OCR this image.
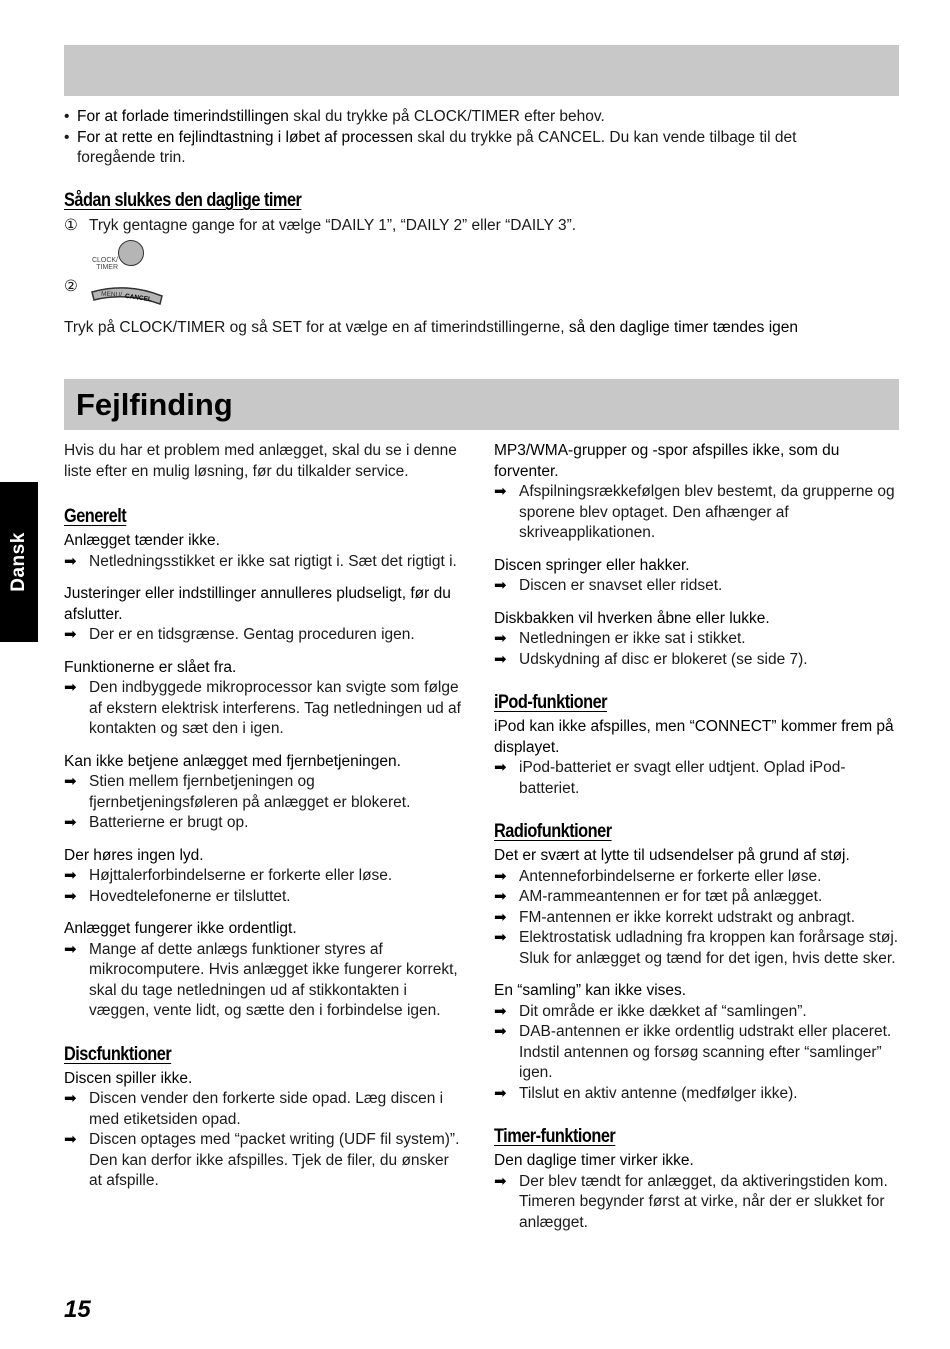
• For at forlade timerindstillingen skal du trykke på CLOCK/TIMER efter behov.
• For at rette en fejlindtastning i løbet af processen skal du trykke på CANCEL. Du kan vende tilbage til det foregående trin.
Sådan slukkes den daglige timer
① Tryk gentagne gange for at vælge “DAILY 1”, “DAILY 2” eller “DAILY 3”.
CLOCK/
TIMER
②	MENU/ CANCEL
Tryk på CLOCK/TIMER og så SET for at vælge en af timerindstillingerne, så den daglige timer tændes igen
Fejlfinding
Dansk

Hvis du har et problem med anlægget, skal du se i denne liste efter en mulig løsning, før du tilkalder service.

Generelt

Anlægget tænder ikke.

➡ Netledningsstikket er ikke sat rigtigt i. Sæt det rigtigt i.

Justeringer eller indstillinger annulleres pludseligt, før du afslutter.

➡ Der er en tidsgrænse. Gentag proceduren igen.

Funktionerne er slået fra.

➡ Den indbyggede mikroprocessor kan svigte som følge af ekstern elektrisk interferens. Tag netledningen ud af kontakten og sæt den i igen.

Kan ikke betjene anlægget med fjernbetjeningen.

➡ Stien mellem fjernbetjeningen og fjernbetjeningsføleren på anlægget er blokeret.
➡ Batterierne er brugt op.

Der høres ingen lyd.

➡ Højttalerforbindelserne er forkerte eller løse.
➡ Hovedtelefonerne er tilsluttet.

Anlægget fungerer ikke ordentligt.

➡ Mange af dette anlægs funktioner styres af mikrocomputere. Hvis anlægget ikke fungerer korrekt, skal du tage netledningen ud af stikkontakten i væggen, vente lidt, og sætte den i forbindelse igen.
Discfunktioner

Discen spiller ikke.

➡ Discen vender den forkerte side opad. Læg discen i med etiketsiden opad.
➡ Discen optages med “packet writing (UDF fil system)”. Den kan derfor ikke afspilles. Tjek de filer, du ønsker at afspille.

MP3/WMA-grupper og -spor afspilles ikke, som du forventer.

➡ Afspilningsrækkefølgen blev bestemt, da grupperne og sporene blev optaget. Den afhænger af skriveapplikationen.

Discen springer eller hakker.

➡ Discen er snavset eller ridset.

Diskbakken vil hverken åbne eller lukke.

➡ Netledningen er ikke sat i stikket.
➡ Udskydning af disc er blokeret (se side 7).
iPod-funktioner

iPod kan ikke afspilles, men “CONNECT” kommer frem på displayet.

➡ iPod-batteriet er svagt eller udtjent. Oplad iPod-batteriet.
Radiofunktioner

Det er svært at lytte til udsendelser på grund af støj.

➡ Antenneforbindelserne er forkerte eller løse.
➡ AM-rammeantennen er for tæt på anlægget.
➡ FM-antennen er ikke korrekt udstrakt og anbragt.
➡ Elektrostatisk udladning fra kroppen kan forårsage støj. Sluk for anlægget og tænd for det igen, hvis dette sker.

En “samling” kan ikke vises.

➡ Dit område er ikke dækket af “samlingen”.
➡ DAB-antennen er ikke ordentlig udstrakt eller placeret. Indstil antennen og forsøg scanning efter “samlinger” igen.
➡ Tilslut en aktiv antenne (medfølger ikke).
Timer-funktioner

Den daglige timer virker ikke.

➡ Der blev tændt for anlægget, da aktiveringstiden kom. Timeren begynder først at virke, når der er slukket for anlægget.
15
